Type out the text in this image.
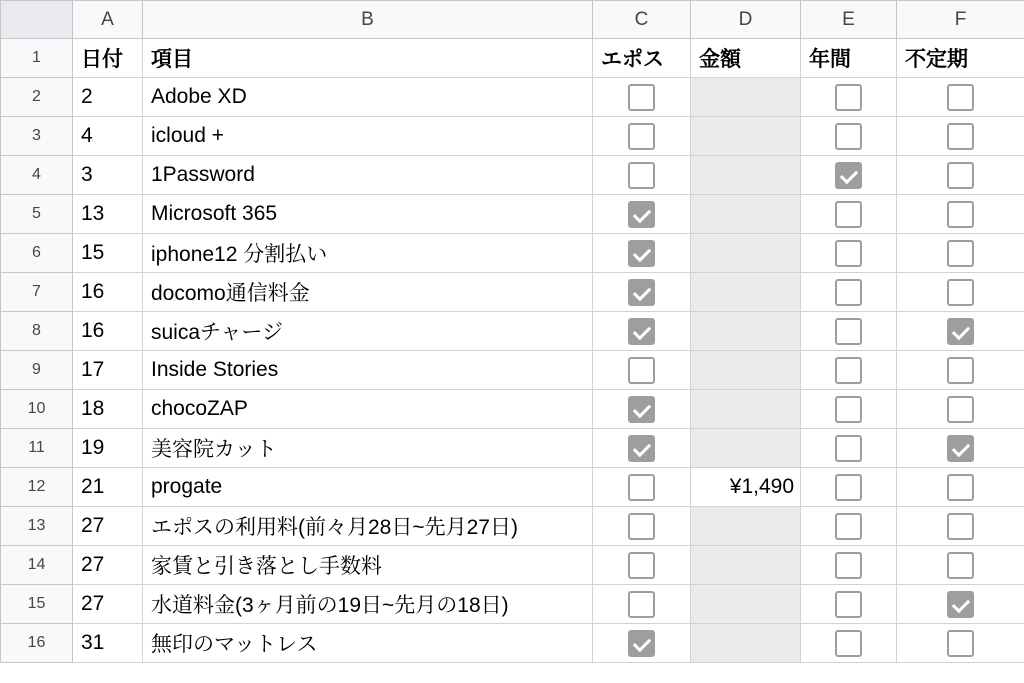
	A	B	C	D	E	F
1	日付	項目	エポス	金額	年間	不定期
2	2	Adobe XD				
3	4	icloud +				
4	3	1Password				
5	13	Microsoft 365				
6	15	iphone12 分割払い				
7	16	docomo通信料金				
8	16	suicaチャージ				
9	17	Inside Stories				
10	18	chocoZAP				
11	19	美容院カット				
12	21	progate		¥1,490		
13	27	エポスの利用料(前々月28日~先月27日)				
14	27	家賃と引き落とし手数料				
15	27	水道料金(3ヶ月前の19日~先月の18日)				
16	31	無印のマットレス				
